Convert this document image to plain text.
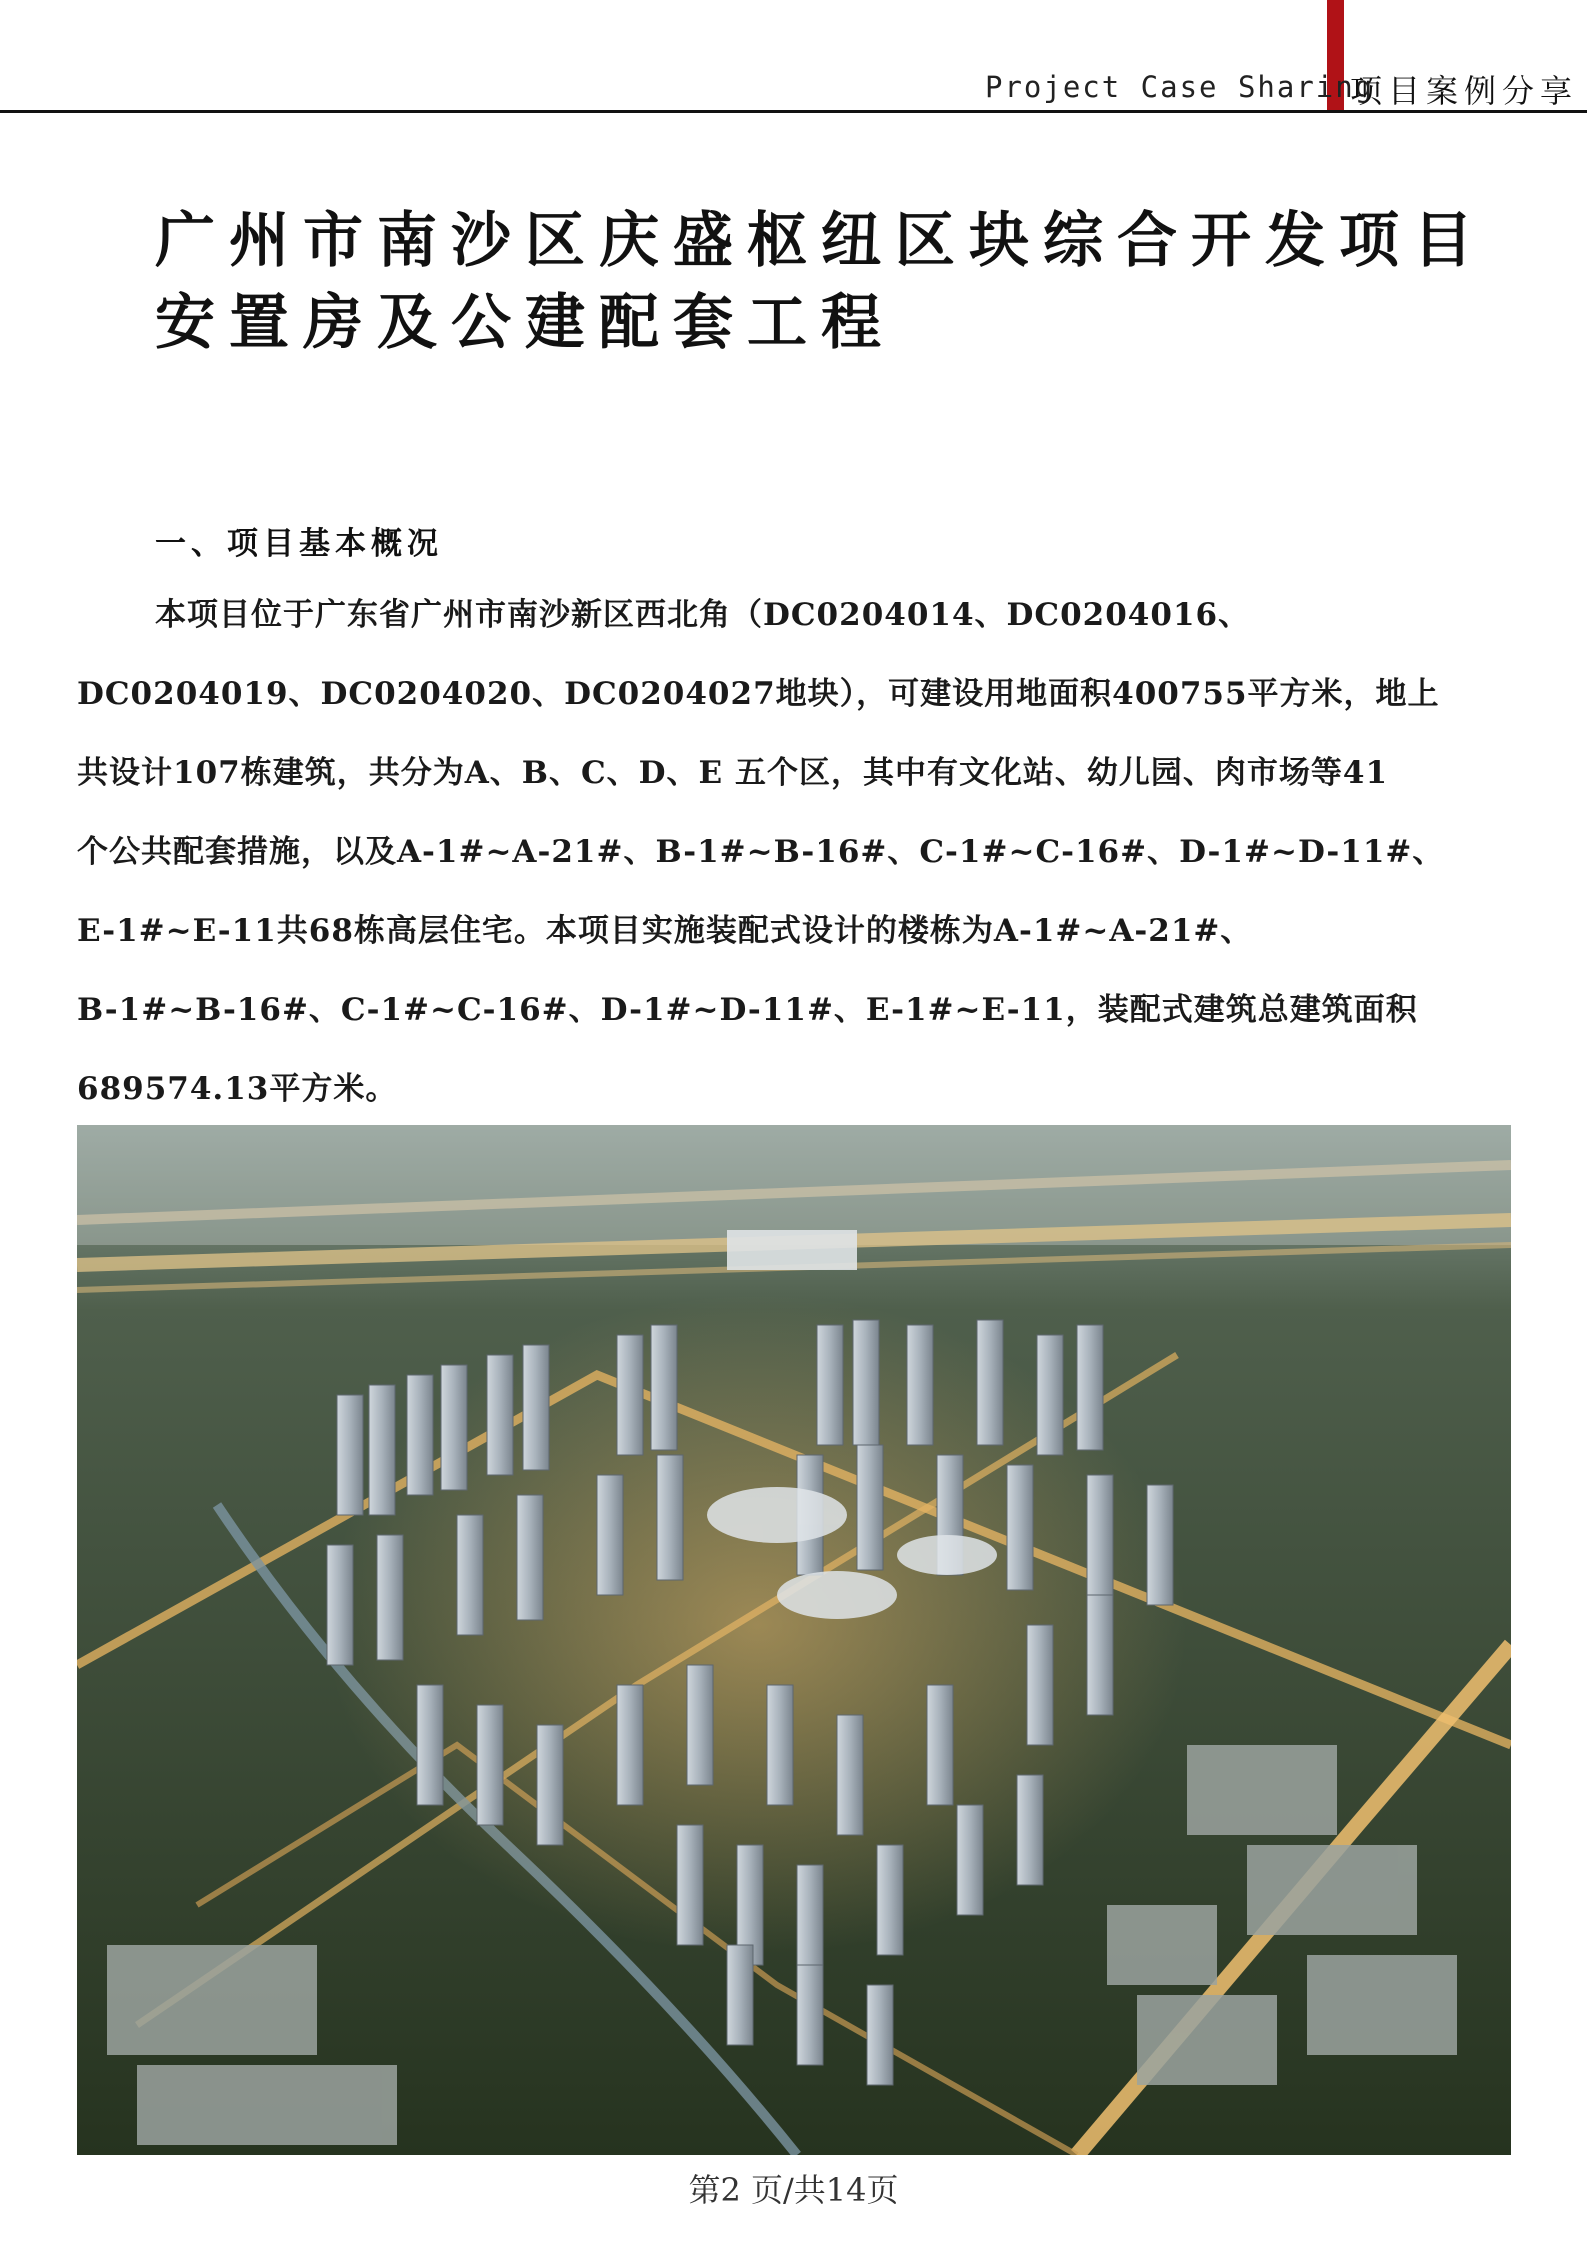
Project Case Sharing
项目案例分享
广州市南沙区庆盛枢纽区块综合开发项目
安置房及公建配套工程
一、项目基本概况
本项目位于广东省广州市南沙新区西北角（DC0204014、DC0204016、
DC0204019、DC0204020、DC0204027地块），可建设用地面积400755平方米，地上
共设计107栋建筑，共分为A、B、C、D、E 五个区，其中有文化站、幼儿园、肉市场等41
个公共配套措施，以及A-1#~A-21#、B-1#~B-16#、C-1#~C-16#、D-1#~D-11#、
E-1#~E-11共68栋高层住宅。本项目实施装配式设计的楼栋为A-1#~A-21#、
B-1#~B-16#、C-1#~C-16#、D-1#~D-11#、E-1#~E-11，装配式建筑总建筑面积
689574.13平方米。
第2 页/共14页
